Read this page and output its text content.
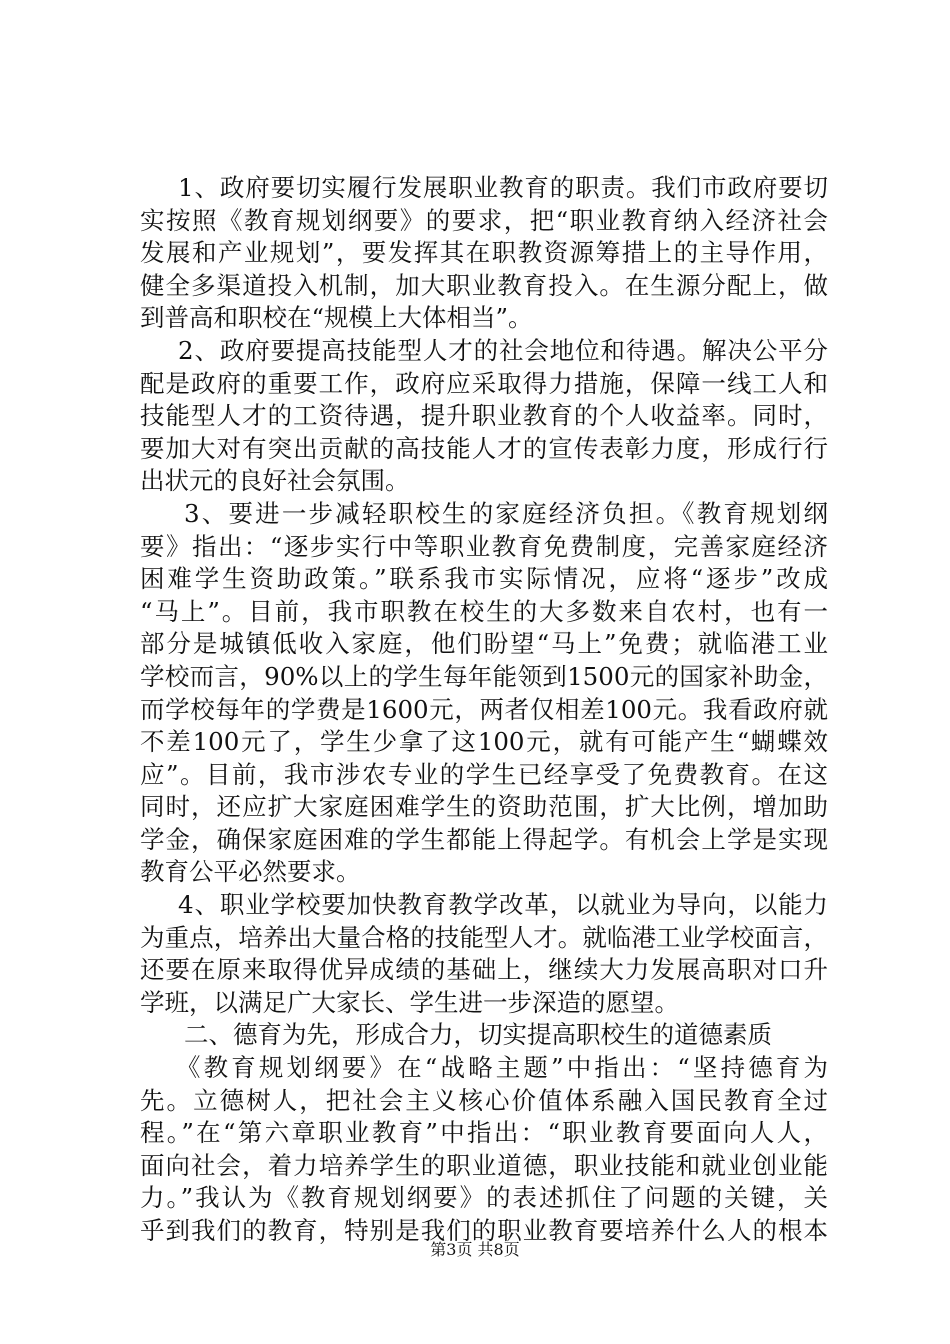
1、政府要切实履行发展职业教育的职责。我们市政府要切
实按照《教育规划纲要》的要求，把“职业教育纳入经济社会
发展和产业规划”，要发挥其在职教资源筹措上的主导作用，
健全多渠道投入机制，加大职业教育投入。在生源分配上，做
到普高和职校在“规模上大体相当”。
2、政府要提高技能型人才的社会地位和待遇。解决公平分
配是政府的重要工作，政府应采取得力措施，保障一线工人和
技能型人才的工资待遇，提升职业教育的个人收益率。同时，
要加大对有突出贡献的高技能人才的宣传表彰力度，形成行行
出状元的良好社会氛围。
3、要进一步减轻职校生的家庭经济负担。《教育规划纲
要》指出：“逐步实行中等职业教育免费制度，完善家庭经济
困难学生资助政策。”联系我市实际情况，应将“逐步”改成
“马上”。目前，我市职教在校生的大多数来自农村，也有一
部分是城镇低收入家庭，他们盼望“马上”免费；就临港工业
学校而言，90%以上的学生每年能领到1500元的国家补助金，
而学校每年的学费是1600元，两者仅相差100元。我看政府就
不差100元了，学生少拿了这100元，就有可能产生“蝴蝶效
应”。目前，我市涉农专业的学生已经享受了免费教育。在这
同时，还应扩大家庭困难学生的资助范围，扩大比例，增加助
学金，确保家庭困难的学生都能上得起学。有机会上学是实现
教育公平必然要求。
4、职业学校要加快教育教学改革，以就业为导向，以能力
为重点，培养出大量合格的技能型人才。就临港工业学校面言，
还要在原来取得优异成绩的基础上，继续大力发展高职对口升
学班，以满足广大家长、学生进一步深造的愿望。
二、德育为先，形成合力，切实提高职校生的道德素质
《教育规划纲要》在“战略主题”中指出：“坚持德育为
先。立德树人，把社会主义核心价值体系融入国民教育全过
程。”在“第六章职业教育”中指出：“职业教育要面向人人，
面向社会，着力培养学生的职业道德，职业技能和就业创业能
力。”我认为《教育规划纲要》的表述抓住了问题的关键，关
乎到我们的教育，特别是我们的职业教育要培养什么人的根本
第3页 共8页
